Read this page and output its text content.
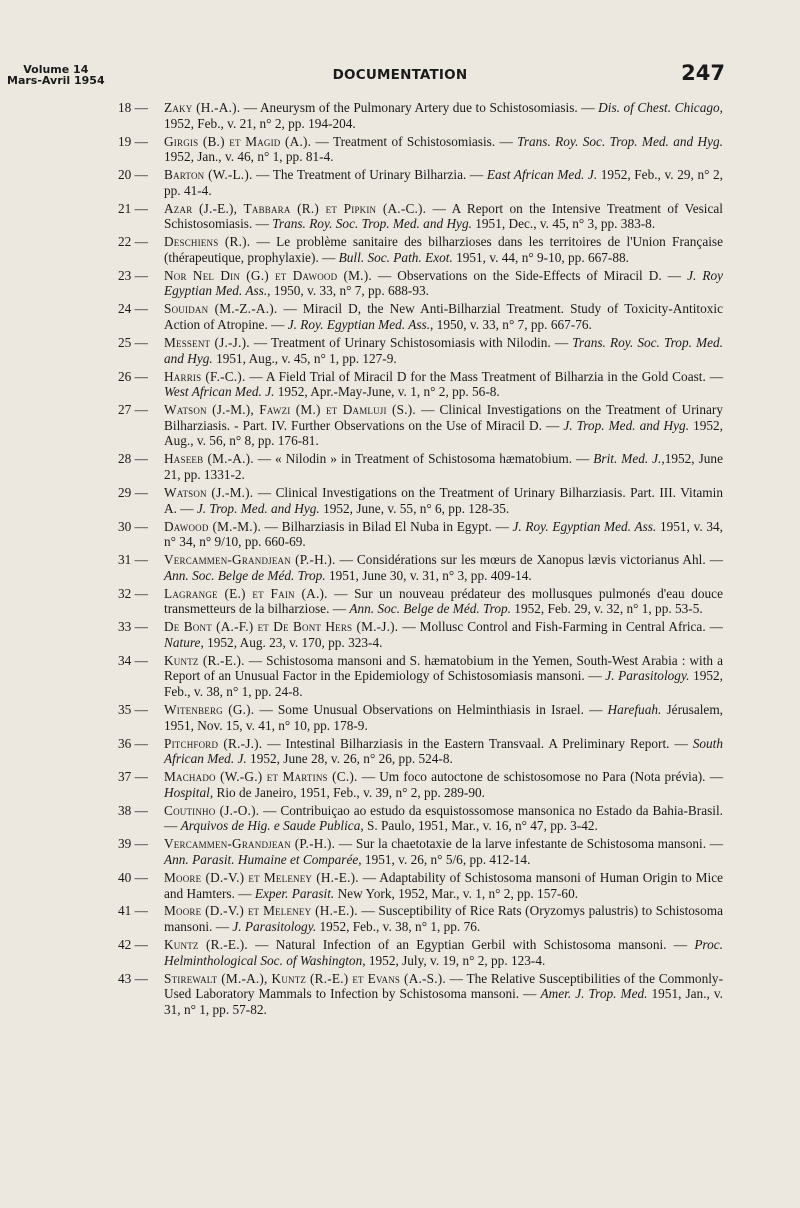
Volume 14
Mars-Avril 1954	DOCUMENTATION	247
18 — Zaky (H.-A.). — Aneurysm of the Pulmonary Artery due to Schistosomiasis. — Dis. of Chest. Chicago, 1952, Feb., v. 21, n° 2, pp. 194-204.
19 — Girgis (B.) et Magid (A.). — Treatment of Schistosomiasis. — Trans. Roy. Soc. Trop. Med. and Hyg. 1952, Jan., v. 46, n° 1, pp. 81-4.
20 — Barton (W.-L.). — The Treatment of Urinary Bilharzia. — East African Med. J. 1952, Feb., v. 29, n° 2, pp. 41-4.
21 — Azar (J.-E.), Tabbara (R.) et Pipkin (A.-C.). — A Report on the Intensive Treatment of Vesical Schistosomiasis. — Trans. Roy. Soc. Trop. Med. and Hyg. 1951, Dec., v. 45, n° 3, pp. 383-8.
22 — Deschiens (R.). — Le problème sanitaire des bilharzioses dans les territoires de l'Union Française (thérapeutique, prophylaxie). — Bull. Soc. Path. Exot. 1951, v. 44, n° 9-10, pp. 667-88.
23 — Nor Nel Din (G.) et Dawood (M.). — Observations on the Side-Effects of Miracil D. — J. Roy Egyptian Med. Ass., 1950, v. 33, n° 7, pp. 688-93.
24 — Souidan (M.-Z.-A.). — Miracil D, the New Anti-Bilharzial Treatment. Study of Toxicity-Antitoxic Action of Atropine. — J. Roy. Egyptian Med. Ass., 1950, v. 33, n° 7, pp. 667-76.
25 — Messent (J.-J.). — Treatment of Urinary Schistosomiasis with Nilodin. — Trans. Roy. Soc. Trop. Med. and Hyg. 1951, Aug., v. 45, n° 1, pp. 127-9.
26 — Harris (F.-C.). — A Field Trial of Miracil D for the Mass Treatment of Bilharzia in the Gold Coast. — West African Med. J. 1952, Apr.-May-June, v. 1, n° 2, pp. 56-8.
27 — Watson (J.-M.), Fawzi (M.) et Damluji (S.). — Clinical Investigations on the Treatment of Urinary Bilharziasis. - Part. IV. Further Observations on the Use of Miracil D. — J. Trop. Med. and Hyg. 1952, Aug., v. 56, n° 8, pp. 176-81.
28 — Haseeb (M.-A.). — « Nilodin » in Treatment of Schistosoma hæmatobium. — Brit. Med. J.,1952, June 21, pp. 1331-2.
29 — Watson (J.-M.). — Clinical Investigations on the Treatment of Urinary Bilharziasis. Part. III. Vitamin A. — J. Trop. Med. and Hyg. 1952, June, v. 55, n° 6, pp. 128-35.
30 — Dawood (M.-M.). — Bilharziasis in Bilad El Nuba in Egypt. — J. Roy. Egyptian Med. Ass. 1951, v. 34, n° 34, n° 9/10, pp. 660-69.
31 — Vercammen-Grandjean (P.-H.). — Considérations sur les mœurs de Xanopus lævis victorianus Ahl. — Ann. Soc. Belge de Méd. Trop. 1951, June 30, v. 31, n° 3, pp. 409-14.
32 — Lagrange (E.) et Fain (A.). — Sur un nouveau prédateur des mollusques pulmonés d'eau douce transmetteurs de la bilharziose. — Ann. Soc. Belge de Méd. Trop. 1952, Feb. 29, v. 32, n° 1, pp. 53-5.
33 — De Bont (A.-F.) et De Bont Hers (M.-J.). — Mollusc Control and Fish-Farming in Central Africa. — Nature, 1952, Aug. 23, v. 170, pp. 323-4.
34 — Kuntz (R.-E.). — Schistosoma mansoni and S. hæmatobium in the Yemen, South-West Arabia : with a Report of an Unusual Factor in the Epidemiology of Schistosomiasis mansoni. — J. Parasitology. 1952, Feb., v. 38, n° 1, pp. 24-8.
35 — Witenberg (G.). — Some Unusual Observations on Helminthiasis in Israel. — Harefuah. Jérusalem, 1951, Nov. 15, v. 41, n° 10, pp. 178-9.
36 — Pitchford (R.-J.). — Intestinal Bilharziasis in the Eastern Transvaal. A Preliminary Report. — South African Med. J. 1952, June 28, v. 26, n° 26, pp. 524-8.
37 — Machado (W.-G.) et Martins (C.). — Um foco autoctone de schistosomose no Para (Nota prévia). — Hospital, Rio de Janeiro, 1951, Feb., v. 39, n° 2, pp. 289-90.
38 — Coutinho (J.-O.). — Contribuiçao ao estudo da esquistossomose mansonica no Estado da Bahia-Brasil. — Arquivos de Hig. e Saude Publica, S. Paulo, 1951, Mar., v. 16, n° 47, pp. 3-42.
39 — Vercammen-Grandjean (P.-H.). — Sur la chaetotaxie de la larve infestante de Schistosoma mansoni. — Ann. Parasit. Humaine et Comparée, 1951, v. 26, n° 5/6, pp. 412-14.
40 — Moore (D.-V.) et Meleney (H.-E.). — Adaptability of Schistosoma mansoni of Human Origin to Mice and Hamters. — Exper. Parasit. New York, 1952, Mar., v. 1, n° 2, pp. 157-60.
41 — Moore (D.-V.) et Meleney (H.-E.). — Susceptibility of Rice Rats (Oryzomys palustris) to Schistosoma mansoni. — J. Parasitology. 1952, Feb., v. 38, n° 1, pp. 76.
42 — Kuntz (R.-E.). — Natural Infection of an Egyptian Gerbil with Schistosoma mansoni. — Proc. Helminthological Soc. of Washington, 1952, July, v. 19, n° 2, pp. 123-4.
43 — Stirewalt (M.-A.), Kuntz (R.-E.) et Evans (A.-S.). — The Relative Susceptibilities of the Commonly-Used Laboratory Mammals to Infection by Schistosoma mansoni. — Amer. J. Trop. Med. 1951, Jan., v. 31, n° 1, pp. 57-82.
